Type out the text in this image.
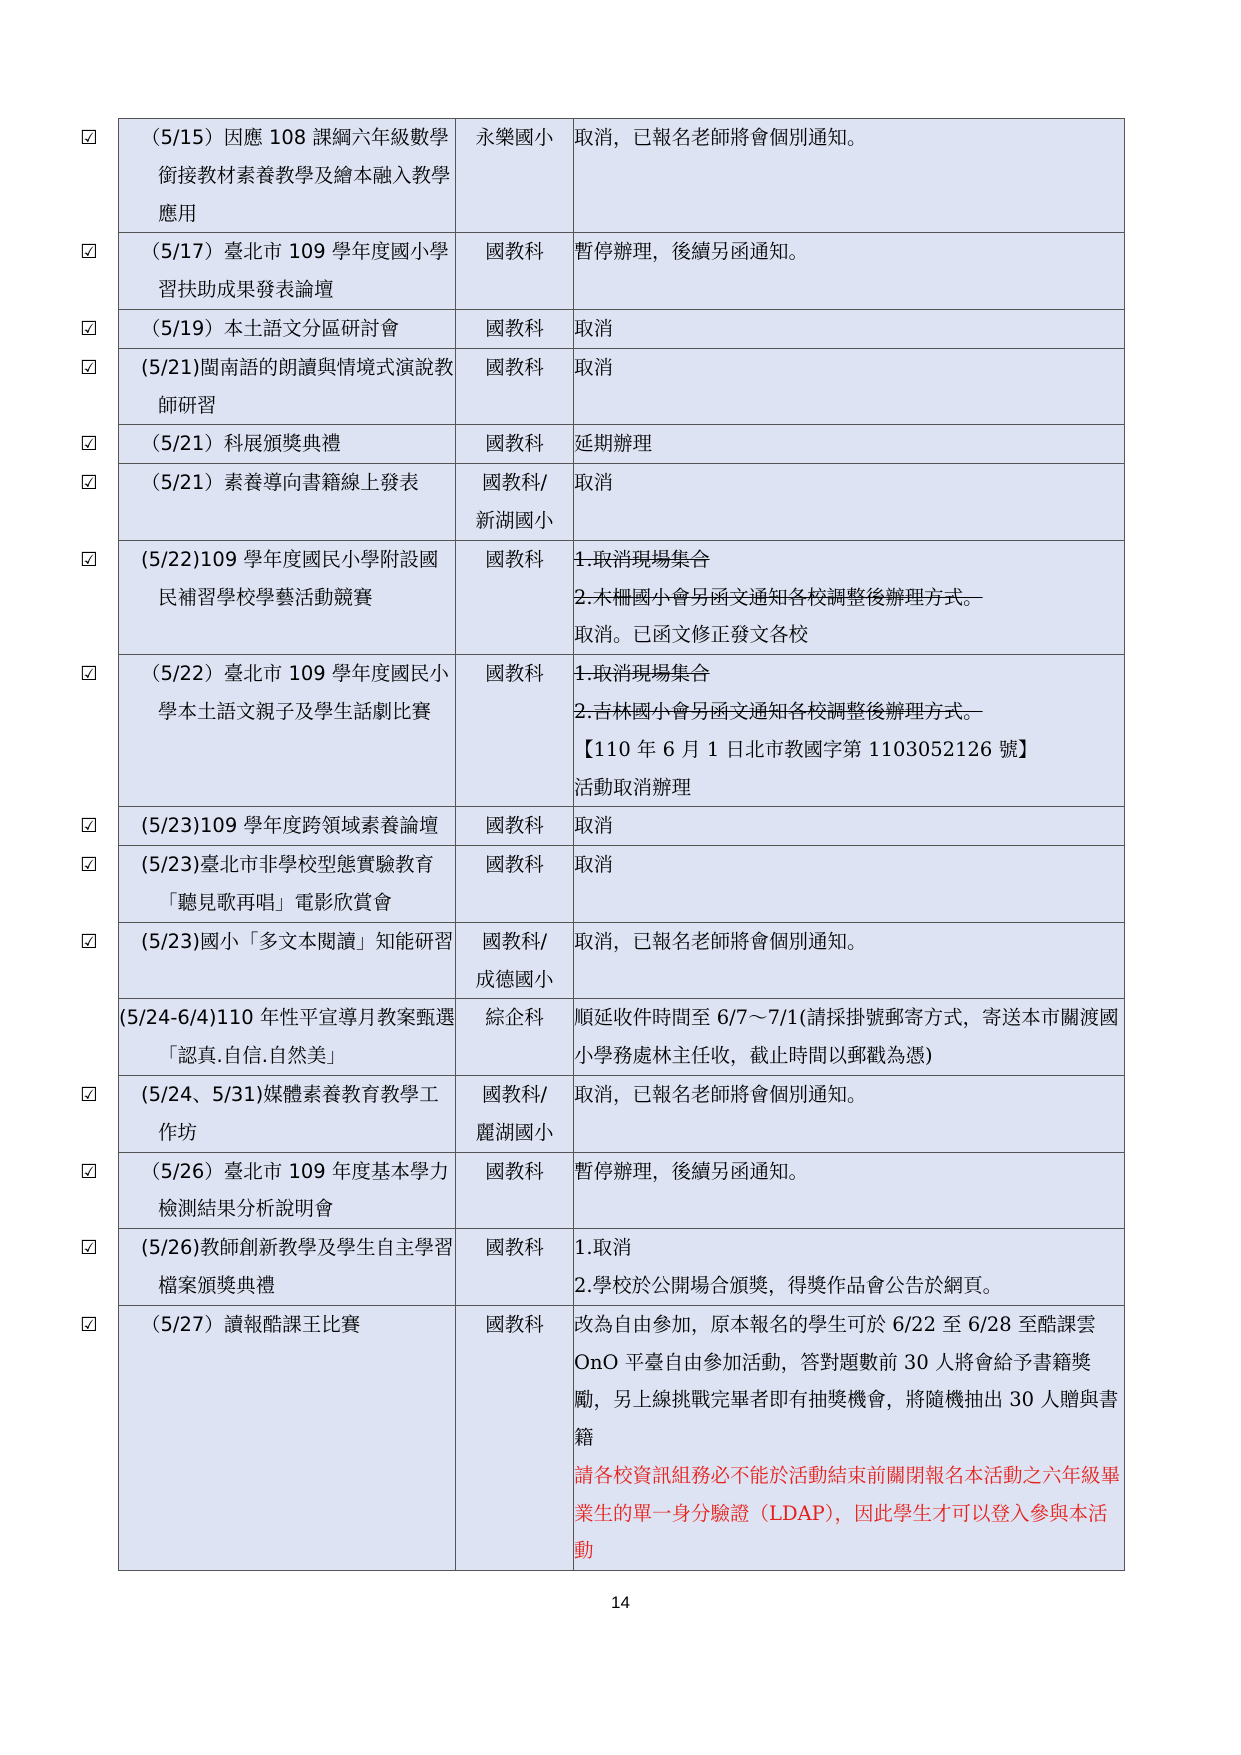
☑ （5/15）因應 108 課綱六年級數學銜接教材素養教學及繪本融入教學應用	永樂國小	取消，已報名老師將會個別通知。

☑ （5/17）臺北市 109 學年度國小學習扶助成果發表論壇	國教科	暫停辦理，後續另函通知。

☑ （5/19）本土語文分區研討會	國教科	取消

☑ (5/21)閩南語的朗讀與情境式演說教師研習	國教科	取消

☑ （5/21）科展頒獎典禮	國教科	延期辦理

☑ （5/21）素養導向書籍線上發表	國教科/
新湖國小	取消

☑ (5/22)109 學年度國民小學附設國民補習學校學藝活動競賽	國教科	1.取消現場集合
2.木柵國小會另函文通知各校調整後辦理方式。
取消。已函文修正發文各校

☑ （5/22）臺北市 109 學年度國民小學本土語文親子及學生話劇比賽	國教科	1.取消現場集合
2.吉林國小會另函文通知各校調整後辦理方式。
【110 年 6 月 1 日北市教國字第 1103052126 號】
活動取消辦理

☑ (5/23)109 學年度跨領域素養論壇	國教科	取消

☑ (5/23)臺北市非學校型態實驗教育「聽見歌再唱」電影欣賞會	國教科	取消

☑ (5/23)國小「多文本閱讀」知能研習	國教科/
成德國小	取消，已報名老師將會個別通知。

(5/24-6/4)110 年性平宣導月教案甄選「認真.自信.自然美」	綜企科	順延收件時間至 6/7～7/1(請採掛號郵寄方式，寄送本市關渡國小學務處林主任收，截止時間以郵戳為憑)

☑ (5/24、5/31)媒體素養教育教學工作坊	國教科/
麗湖國小	取消，已報名老師將會個別通知。

☑ （5/26）臺北市 109 年度基本學力檢測結果分析說明會	國教科	暫停辦理，後續另函通知。

☑ (5/26)教師創新教學及學生自主學習檔案頒獎典禮	國教科	1.取消
2.學校於公開場合頒獎，得獎作品會公告於網頁。

☑ （5/27）讀報酷課王比賽	國教科	改為自由參加，原本報名的學生可於 6/22 至 6/28 至酷課雲 OnO 平臺自由參加活動，答對題數前 30 人將會給予書籍獎勵，另上線挑戰完畢者即有抽獎機會，將隨機抽出 30 人贈與書籍
請各校資訊組務必不能於活動結束前關閉報名本活動之六年級畢業生的單一身分驗證（LDAP），因此學生才可以登入參與本活動
14
